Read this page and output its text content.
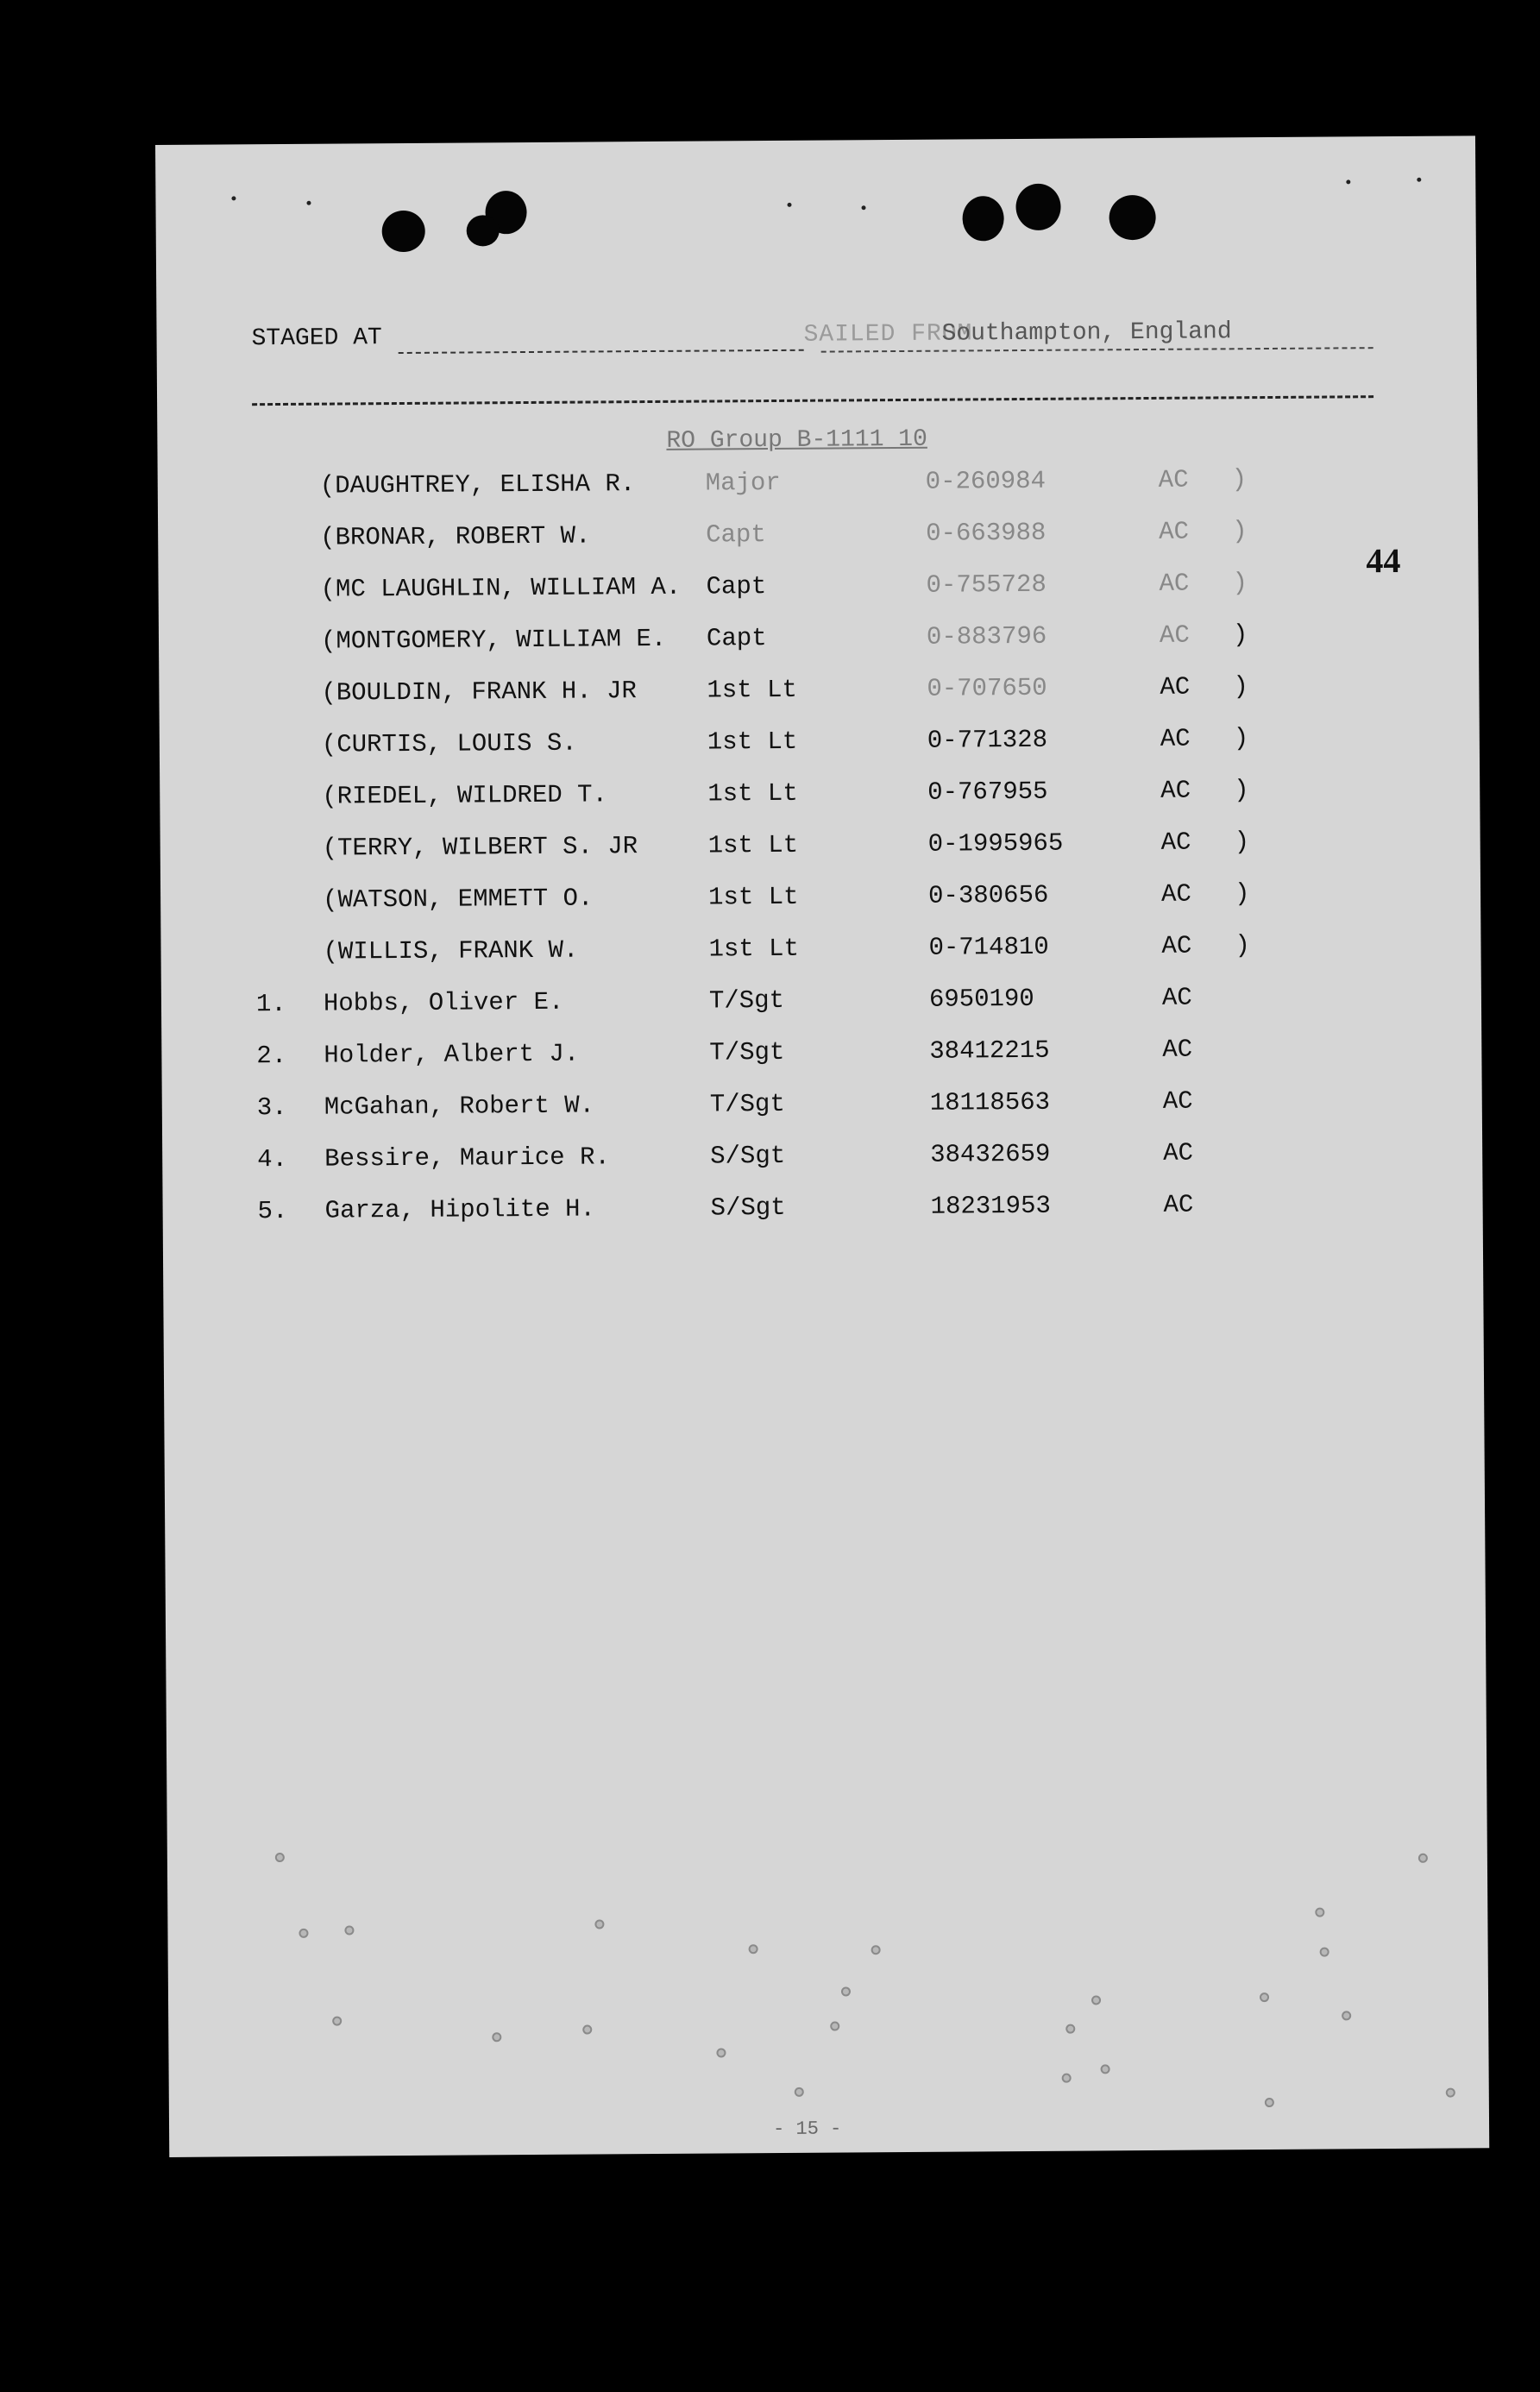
STAGED AT	SAILED FROM
Southampton, England
RO Group B-1111 10
44
(DAUGHTREY, ELISHA R.	Major	0-260984	AC )
(BRONAR, ROBERT W.	Capt	0-663988	AC )
(MC LAUGHLIN, WILLIAM A. Capt	0-755728	AC )
(MONTGOMERY, WILLIAM E. Capt	0-883796	AC )
(BOULDIN, FRANK H. JR	1st Lt	0-707650	AC )
(CURTIS, LOUIS S.	1st Lt	0-771328	AC )
(RIEDEL, WILDRED T.	1st Lt	0-767955	AC )
(TERRY, WILBERT S. JR	1st Lt	0-1995965	AC )
(WATSON, EMMETT O.	1st Lt	0-380656	AC )
(WILLIS, FRANK W.	1st Lt	0-714810	AC )
1. Hobbs, Oliver E.	T/Sgt	6950190	AC
2. Holder, Albert J.	T/Sgt	38412215	AC
3. McGahan, Robert W.	T/Sgt	18118563	AC
4. Bessire, Maurice R.	S/Sgt	38432659	AC
5. Garza, Hipolite H.	S/Sgt	18231953	AC
- 15 -
